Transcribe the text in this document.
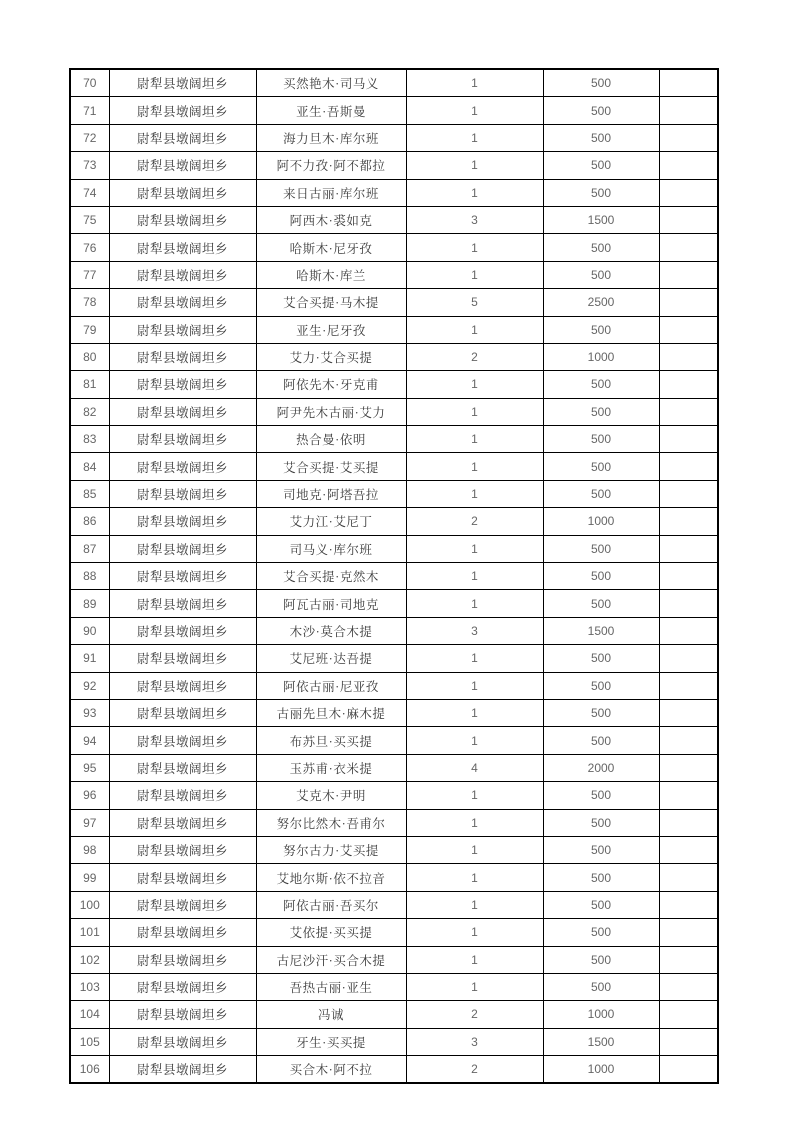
70	尉犁县墩阔坦乡	买然艳木·司马义	1	500	
71	尉犁县墩阔坦乡	亚生·吾斯曼	1	500	
72	尉犁县墩阔坦乡	海力旦木·库尔班	1	500	
73	尉犁县墩阔坦乡	阿不力孜·阿不都拉	1	500	
74	尉犁县墩阔坦乡	来日古丽·库尔班	1	500	
75	尉犁县墩阔坦乡	阿西木·裘如克	3	1500	
76	尉犁县墩阔坦乡	哈斯木·尼牙孜	1	500	
77	尉犁县墩阔坦乡	哈斯木·库兰	1	500	
78	尉犁县墩阔坦乡	艾合买提·马木提	5	2500	
79	尉犁县墩阔坦乡	亚生·尼牙孜	1	500	
80	尉犁县墩阔坦乡	艾力·艾合买提	2	1000	
81	尉犁县墩阔坦乡	阿依先木·牙克甫	1	500	
82	尉犁县墩阔坦乡	阿尹先木古丽·艾力	1	500	
83	尉犁县墩阔坦乡	热合曼·依明	1	500	
84	尉犁县墩阔坦乡	艾合买提·艾买提	1	500	
85	尉犁县墩阔坦乡	司地克·阿塔吾拉	1	500	
86	尉犁县墩阔坦乡	艾力江·艾尼丁	2	1000	
87	尉犁县墩阔坦乡	司马义·库尔班	1	500	
88	尉犁县墩阔坦乡	艾合买提·克然木	1	500	
89	尉犁县墩阔坦乡	阿瓦古丽·司地克	1	500	
90	尉犁县墩阔坦乡	木沙·莫合木提	3	1500	
91	尉犁县墩阔坦乡	艾尼班·达吾提	1	500	
92	尉犁县墩阔坦乡	阿依古丽·尼亚孜	1	500	
93	尉犁县墩阔坦乡	古丽先旦木·麻木提	1	500	
94	尉犁县墩阔坦乡	布苏旦·买买提	1	500	
95	尉犁县墩阔坦乡	玉苏甫·衣米提	4	2000	
96	尉犁县墩阔坦乡	艾克木·尹明	1	500	
97	尉犁县墩阔坦乡	努尔比然木·吾甫尔	1	500	
98	尉犁县墩阔坦乡	努尔古力·艾买提	1	500	
99	尉犁县墩阔坦乡	艾地尔斯·依不拉音	1	500	
100	尉犁县墩阔坦乡	阿依古丽·吾买尔	1	500	
101	尉犁县墩阔坦乡	艾依提·买买提	1	500	
102	尉犁县墩阔坦乡	古尼沙汗·买合木提	1	500	
103	尉犁县墩阔坦乡	吾热古丽·亚生	1	500	
104	尉犁县墩阔坦乡	冯诚	2	1000	
105	尉犁县墩阔坦乡	牙生·买买提	3	1500	
106	尉犁县墩阔坦乡	买合木·阿不拉	2	1000	
